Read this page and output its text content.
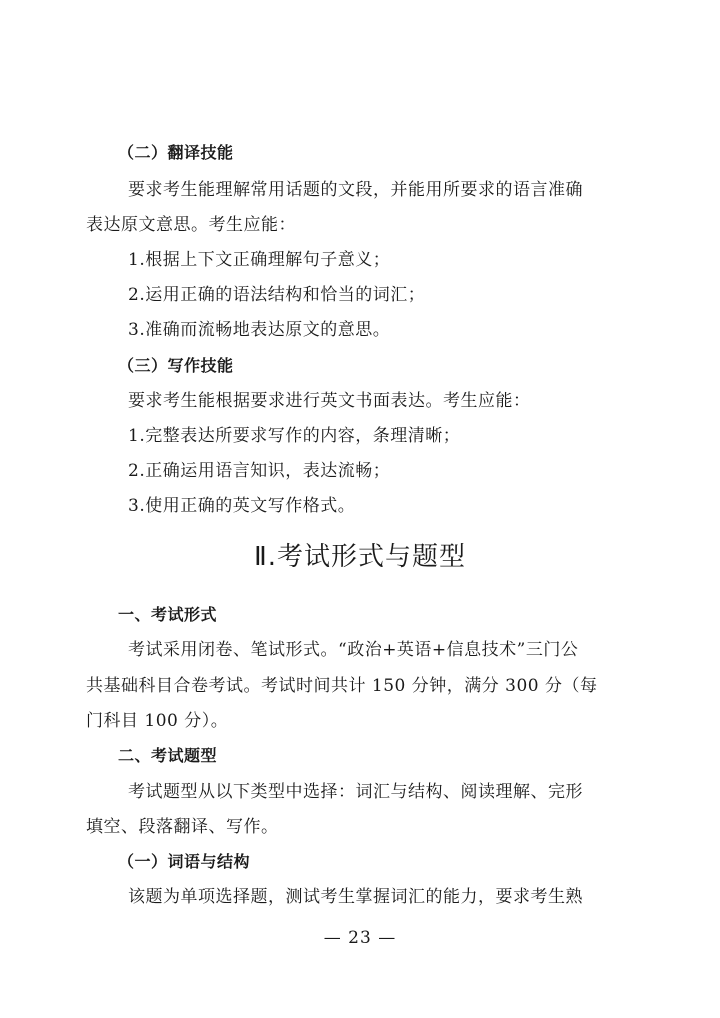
（二）翻译技能
要求考生能理解常用话题的文段，并能用所要求的语言准确
表达原文意思。考生应能：
1.根据上下文正确理解句子意义；
2.运用正确的语法结构和恰当的词汇；
3.准确而流畅地表达原文的意思。
（三）写作技能
要求考生能根据要求进行英文书面表达。考生应能：
1.完整表达所要求写作的内容，条理清晰；
2.正确运用语言知识，表达流畅；
3.使用正确的英文写作格式。
Ⅱ.考试形式与题型
一、考试形式
考试采用闭卷、笔试形式。“政治+英语+信息技术”三门公
共基础科目合卷考试。考试时间共计 150 分钟，满分 300 分（每
门科目 100 分）。
二、考试题型
考试题型从以下类型中选择：词汇与结构、阅读理解、完形
填空、段落翻译、写作。
（一）词语与结构
该题为单项选择题，测试考生掌握词汇的能力，要求考生熟
— 23 —
